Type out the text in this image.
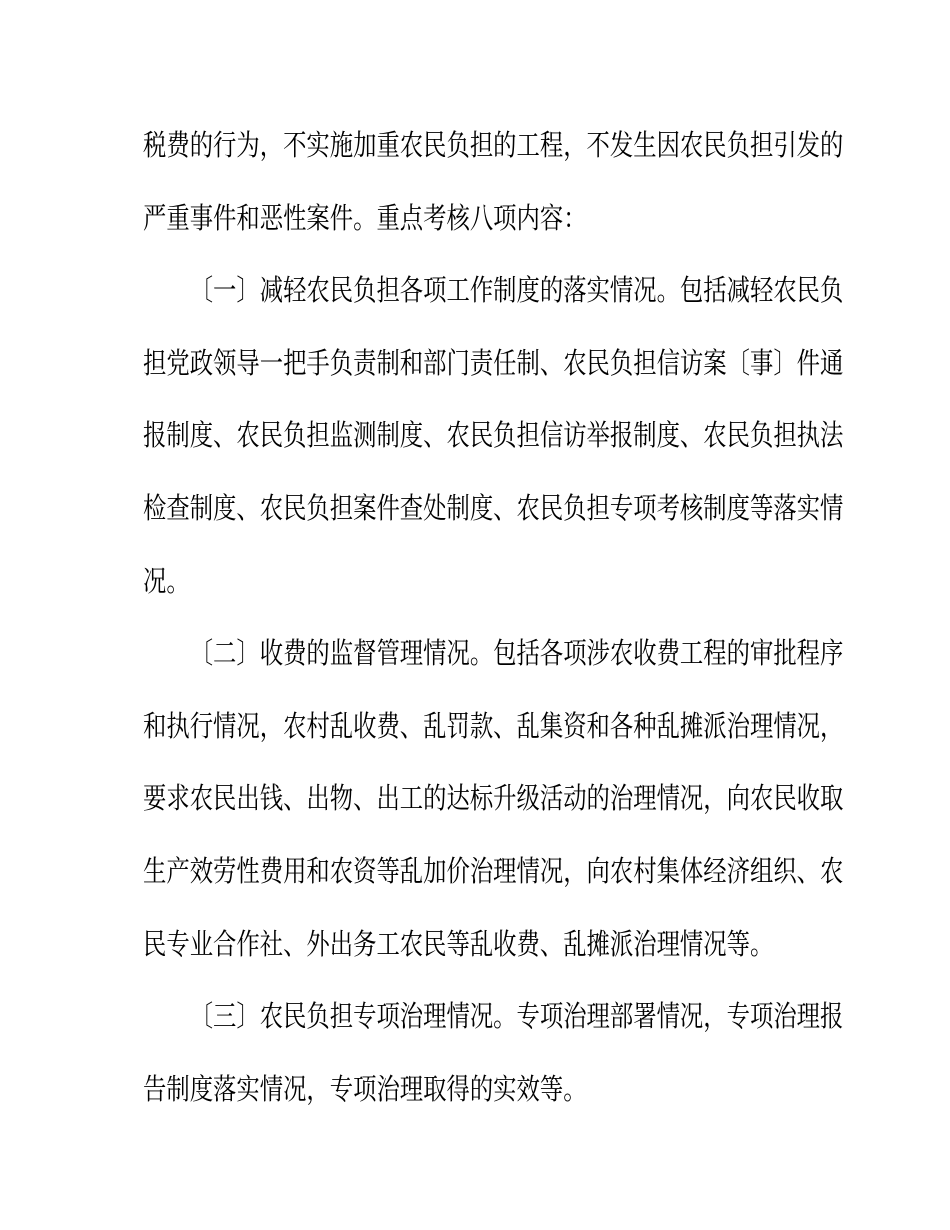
税费的行为，不实施加重农民负担的工程，不发生因农民负担引发的
严重事件和恶性案件。重点考核八项内容：
〔一〕减轻农民负担各项工作制度的落实情况。包括减轻农民负
担党政领导一把手负责制和部门责任制、农民负担信访案〔事〕件通
报制度、农民负担监测制度、农民负担信访举报制度、农民负担执法
检查制度、农民负担案件查处制度、农民负担专项考核制度等落实情
况。
〔二〕收费的监督管理情况。包括各项涉农收费工程的审批程序
和执行情况，农村乱收费、乱罚款、乱集资和各种乱摊派治理情况，
要求农民出钱、出物、出工的达标升级活动的治理情况，向农民收取
生产效劳性费用和农资等乱加价治理情况，向农村集体经济组织、农
民专业合作社、外出务工农民等乱收费、乱摊派治理情况等。
〔三〕农民负担专项治理情况。专项治理部署情况，专项治理报
告制度落实情况，专项治理取得的实效等。
